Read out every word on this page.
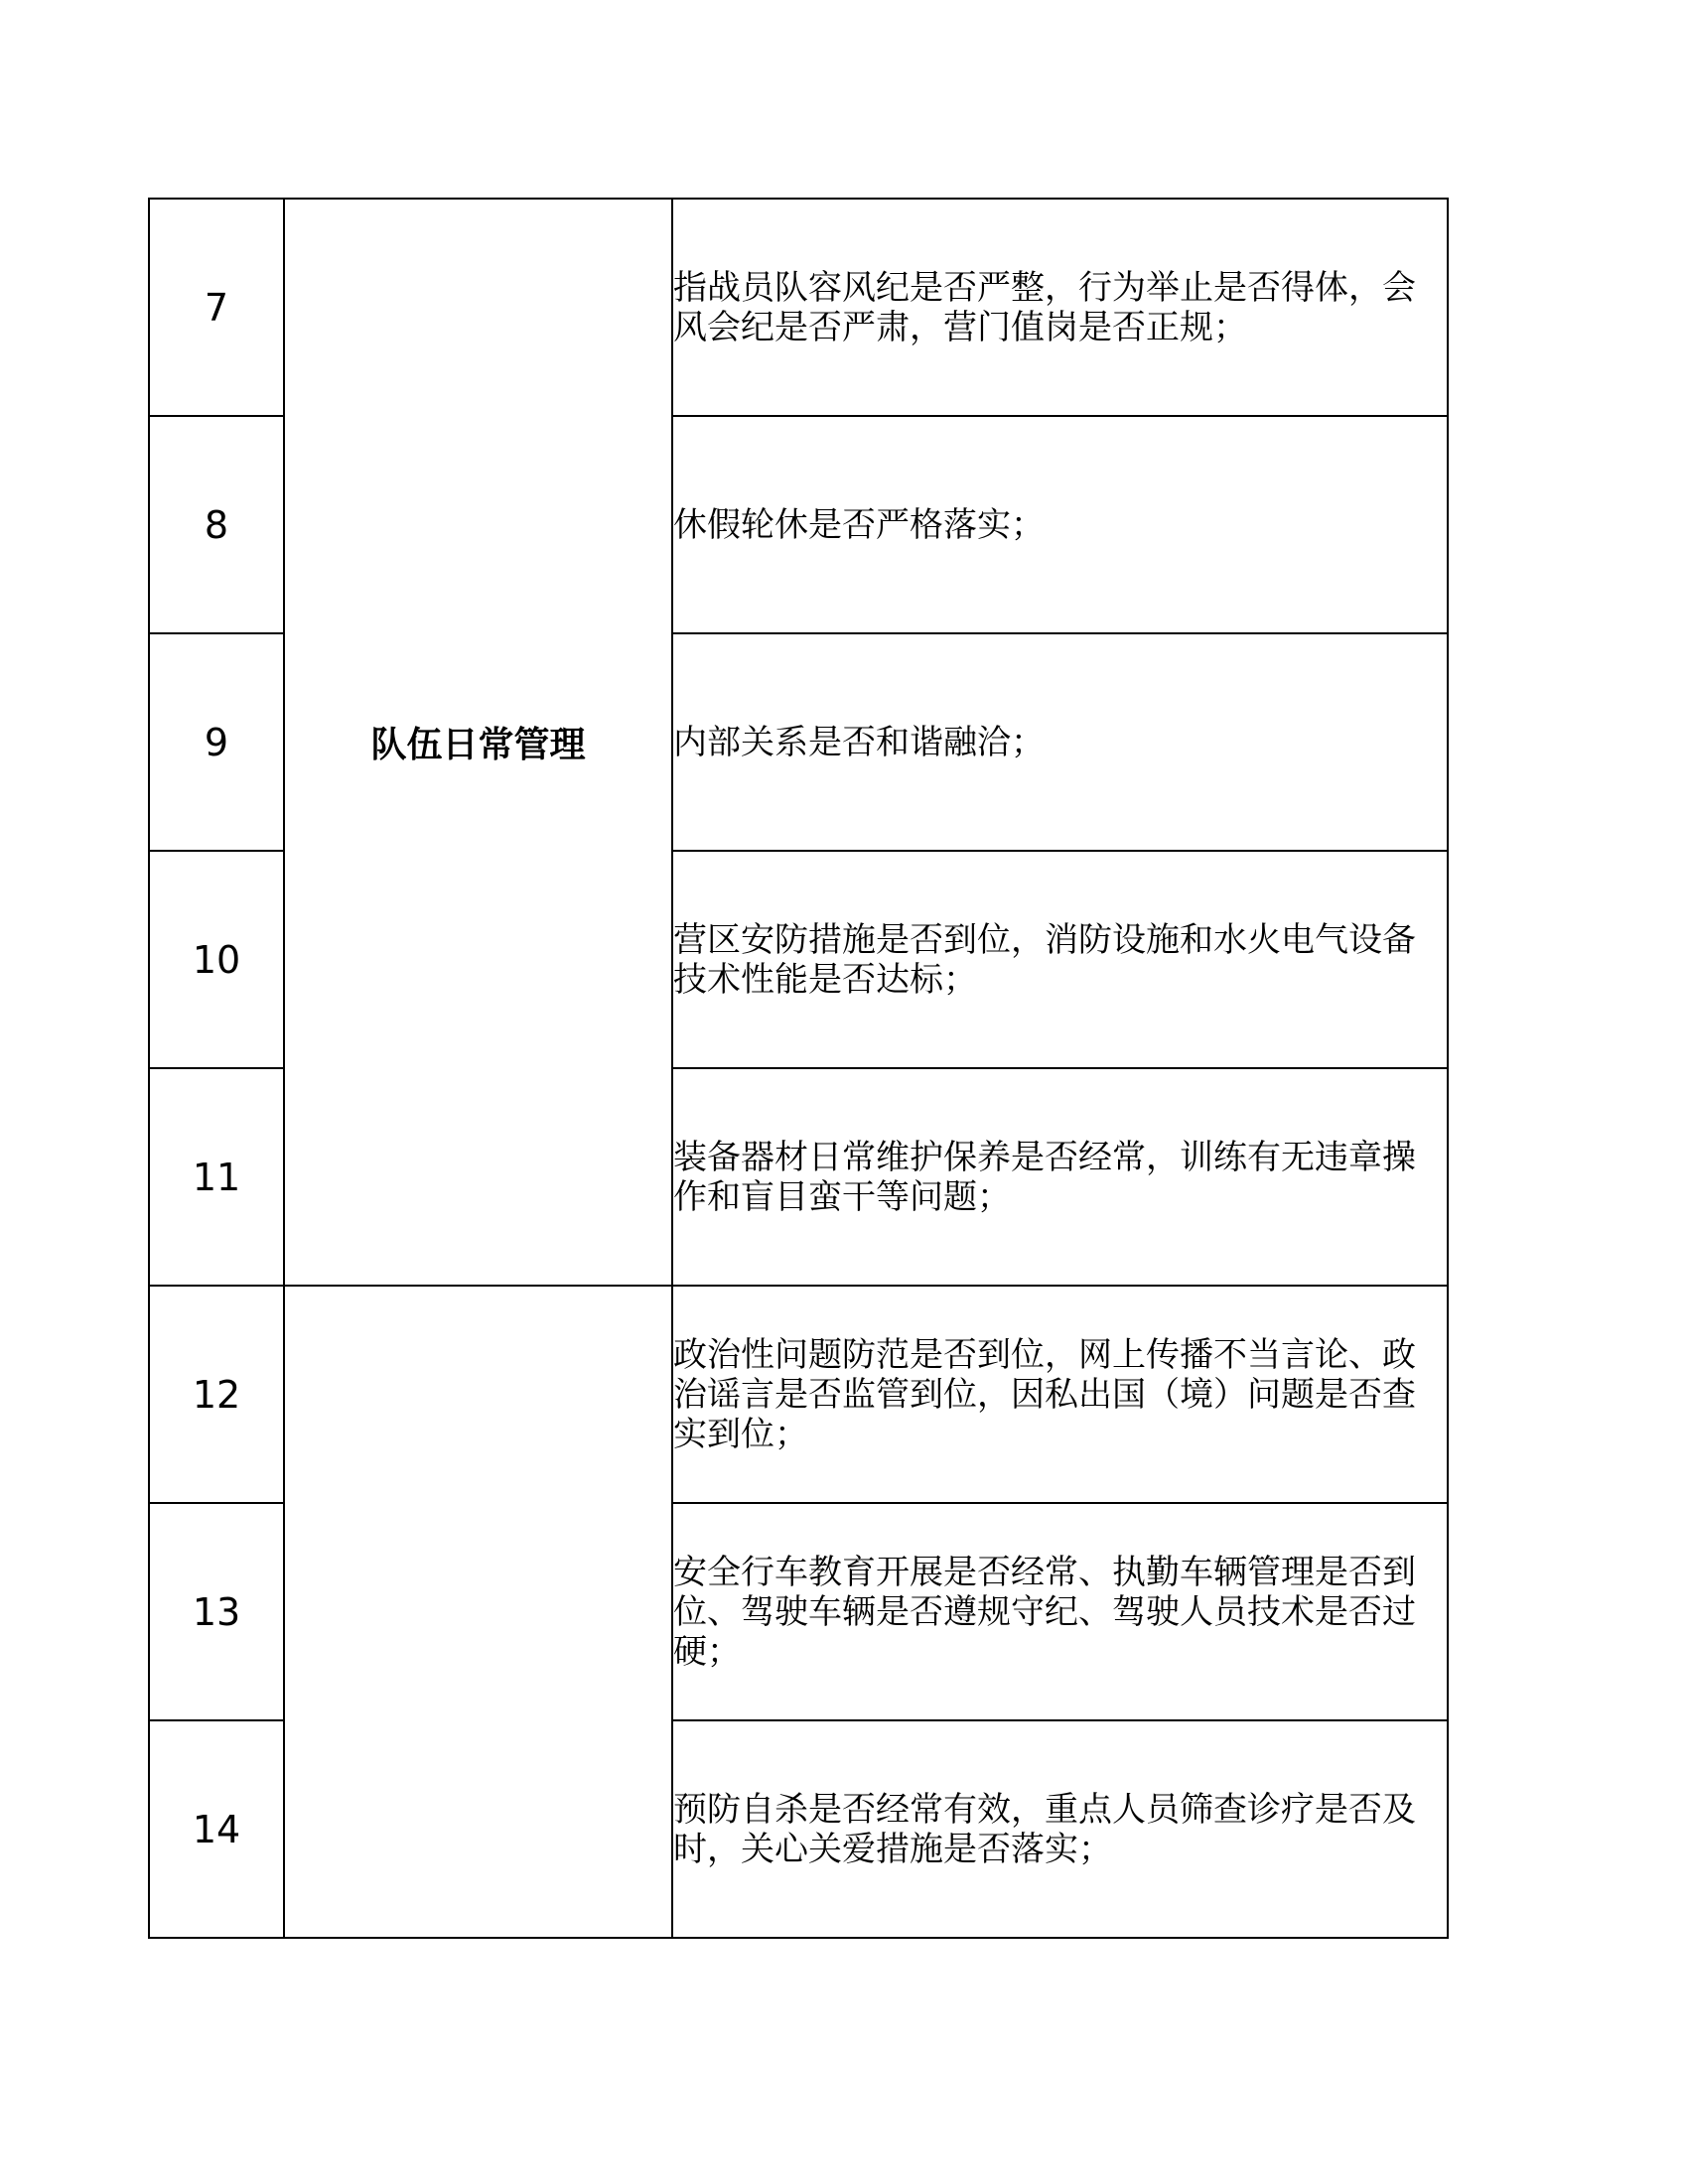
7	队伍日常管理	指战员队容风纪是否严整，行为举止是否得体，会风会纪是否严肃，营门值岗是否正规；

8		休假轮休是否严格落实；

9		内部关系是否和谐融洽；

10		营区安防措施是否到位，消防设施和水火电气设备技术性能是否达标；

11		装备器材日常维护保养是否经常，训练有无违章操作和盲目蛮干等问题；

12		政治性问题防范是否到位，网上传播不当言论、政治谣言是否监管到位，因私出国（境）问题是否查实到位；

13		安全行车教育开展是否经常、执勤车辆管理是否到位、驾驶车辆是否遵规守纪、驾驶人员技术是否过硬；

14		预防自杀是否经常有效，重点人员筛查诊疗是否及时，关心关爱措施是否落实；
